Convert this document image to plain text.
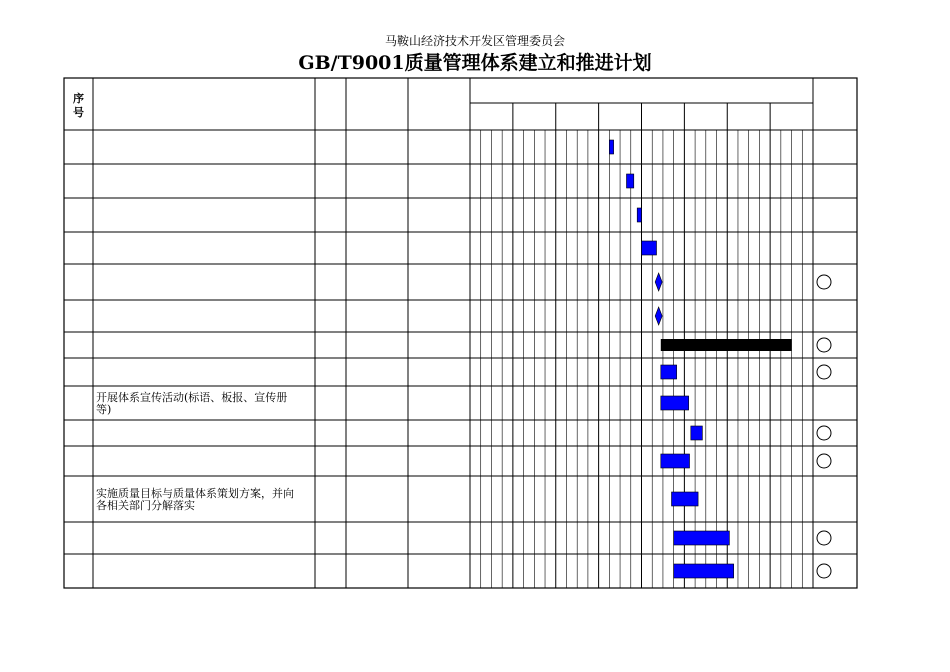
马鞍山经济技术开发区管理委员会
GB/T9001质量管理体系建立和推进计划
序
号
开展体系宣传活动(标语、板报、宣传册等)
实施质量目标与质量体系策划方案，并向各相关部门分解落实
